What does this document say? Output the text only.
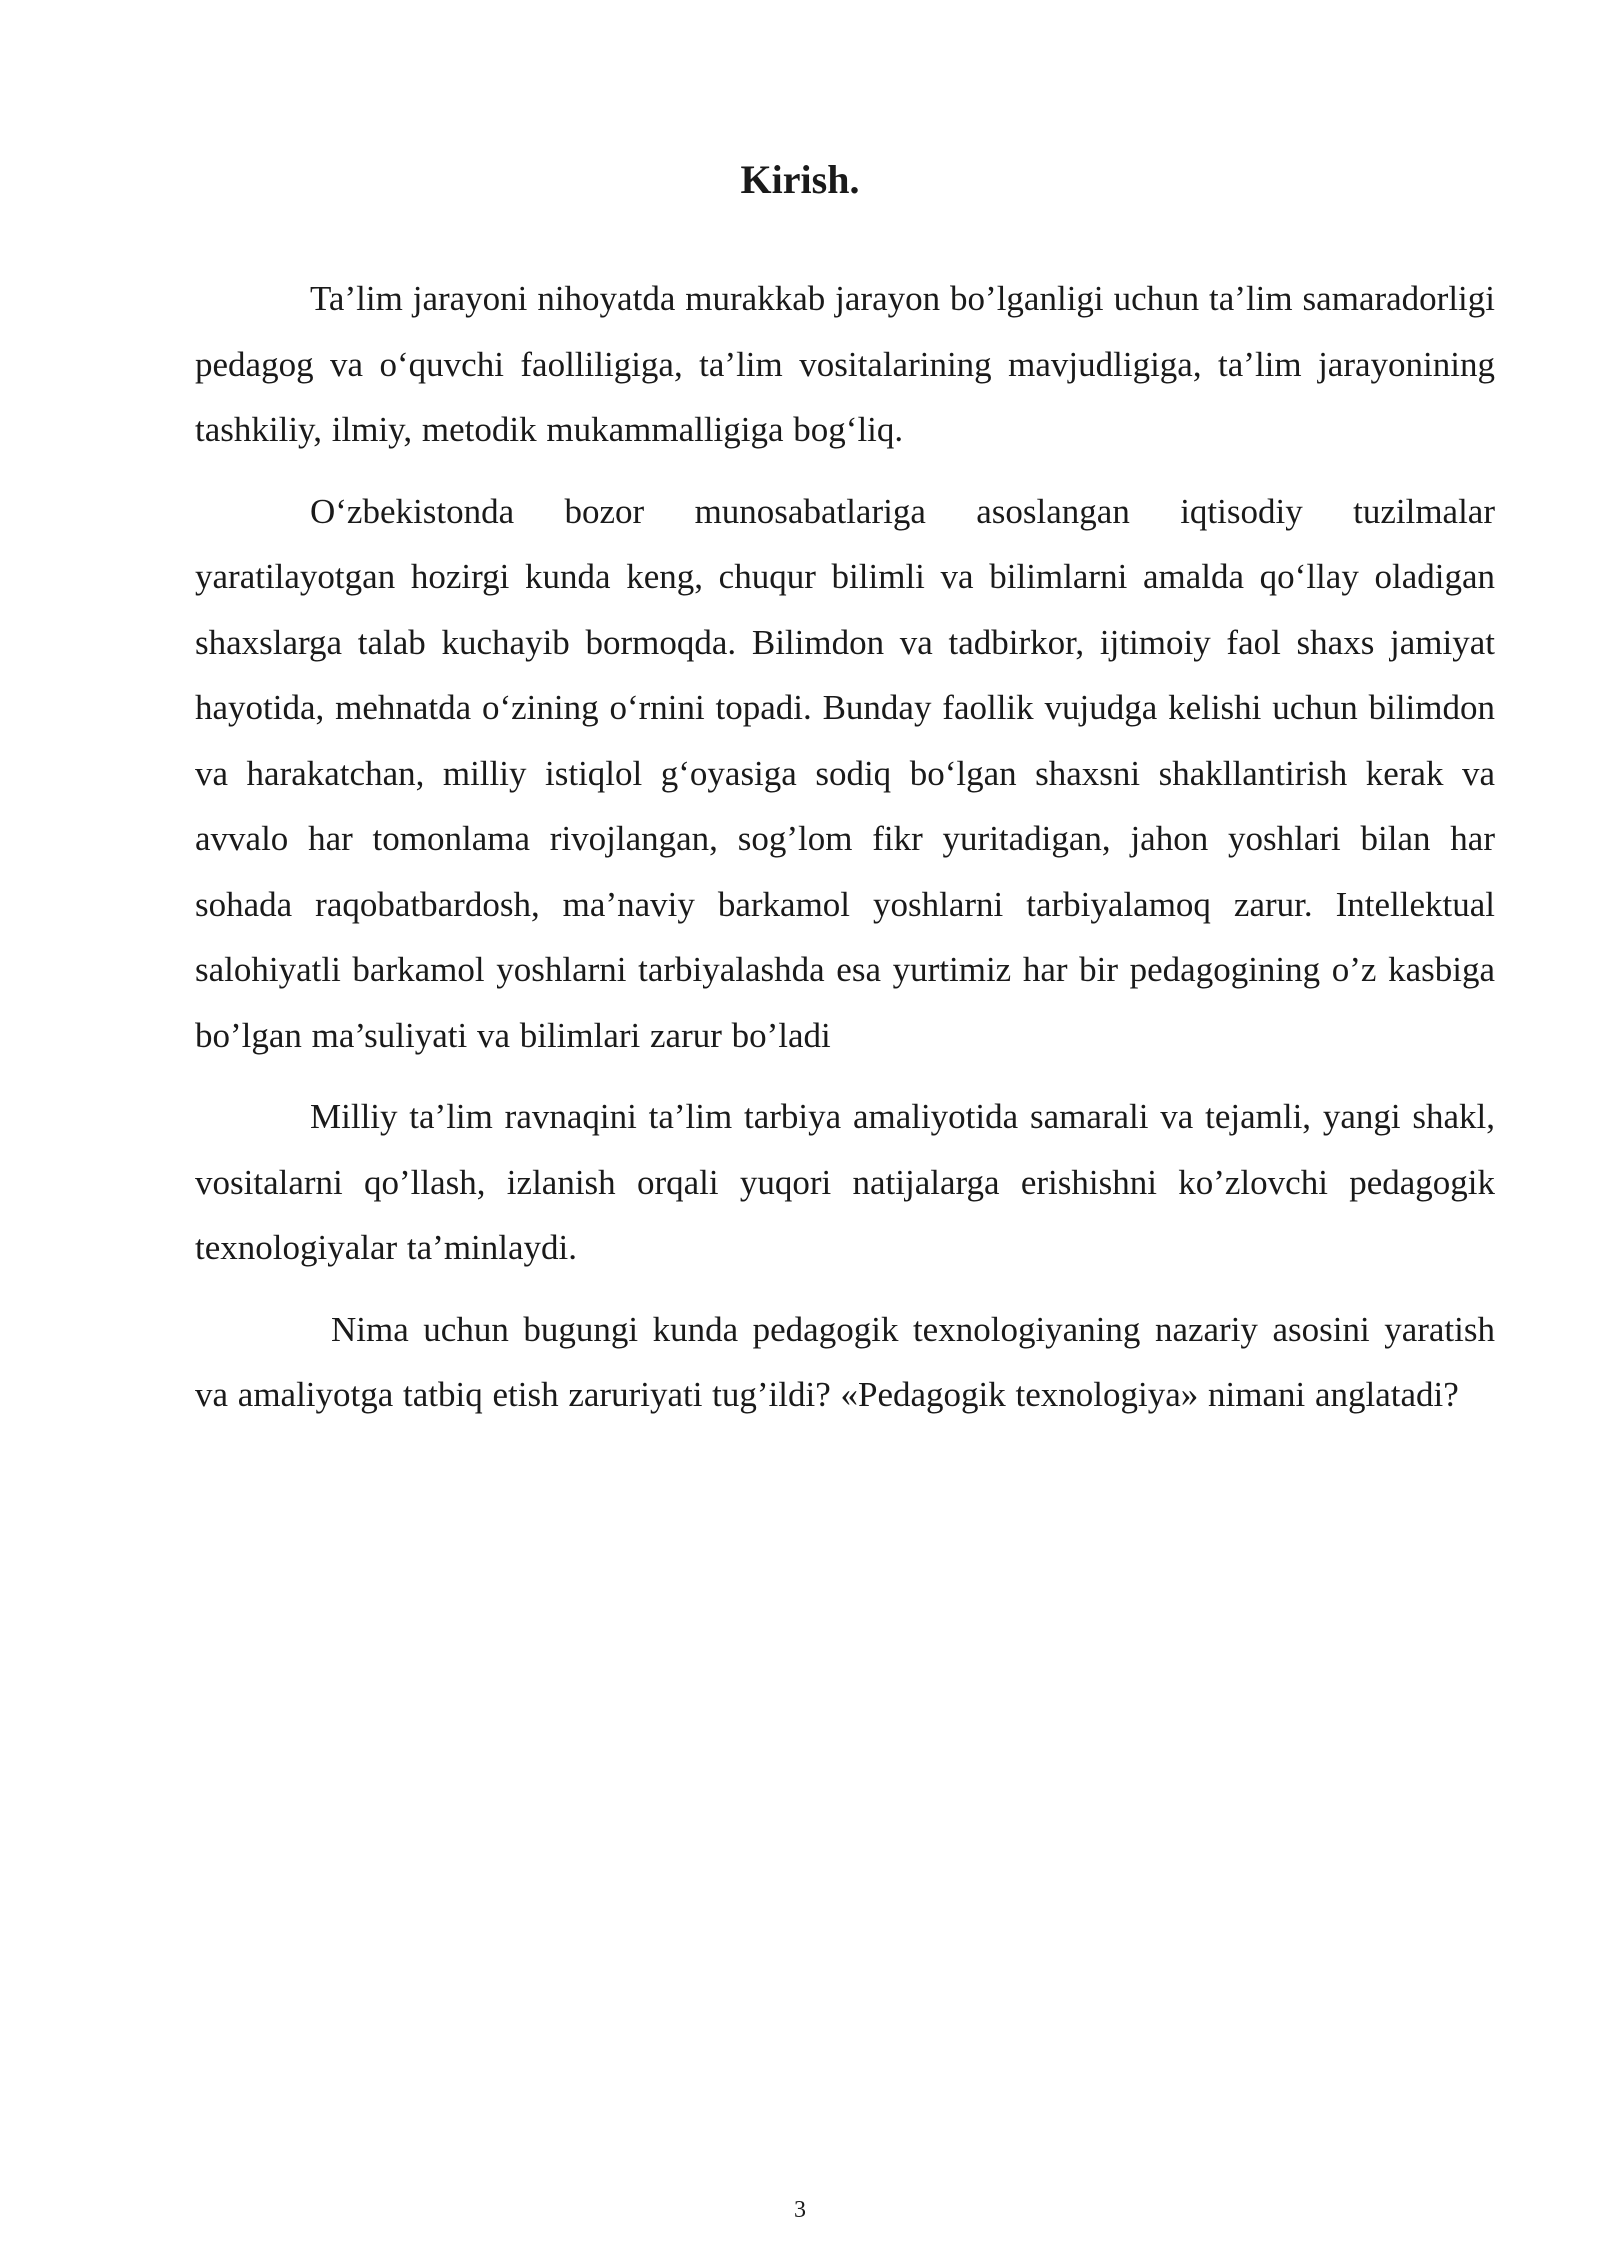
Kirish.

Ta’lim jarayoni nihoyatda murakkab jarayon bo’lganligi uchun ta’lim samaradorligi pedagog va o‘quvchi faolliligiga, ta’lim vositalarining mavjudligiga, ta’lim jarayonining tashkiliy, ilmiy, metodik mukammalligiga bog‘liq.

O‘zbekistonda bozor munosabatlariga asoslangan iqtisodiy tuzilmalar yaratilayotgan hozirgi kunda keng, chuqur bilimli va bilimlarni amalda qo‘llay oladigan shaxslarga talab kuchayib bormoqda. Bilimdon va tadbirkor, ijtimoiy faol shaxs jamiyat hayotida, mehnatda o‘zining o‘rnini topadi. Bunday faollik vujudga kelishi uchun bilimdon va harakatchan, milliy istiqlol g‘oyasiga sodiq bo‘lgan shaxsni shakllantirish kerak va avvalo har tomonlama rivojlangan, sog’lom fikr yuritadigan, jahon yoshlari bilan har sohada raqobatbardosh, ma’naviy barkamol yoshlarni tarbiyalamoq zarur. Intellektual salohiyatli barkamol yoshlarni tarbiyalashda esa yurtimiz har bir pedagogining o’z kasbiga bo’lgan ma’suliyati va bilimlari zarur bo’ladi

Milliy ta’lim ravnaqini ta’lim tarbiya amaliyotida samarali va tejamli, yangi shakl, vositalarni qo’llash, izlanish orqali yuqori natijalarga erishishni ko’zlovchi pedagogik texnologiyalar ta’minlaydi.

Nima uchun bugungi kunda pedagogik texnologiyaning nazariy asosini yaratish va amaliyotga tatbiq etish zaruriyati tug’ildi? «Pedagogik texnologiya» nimani anglatadi?

3
